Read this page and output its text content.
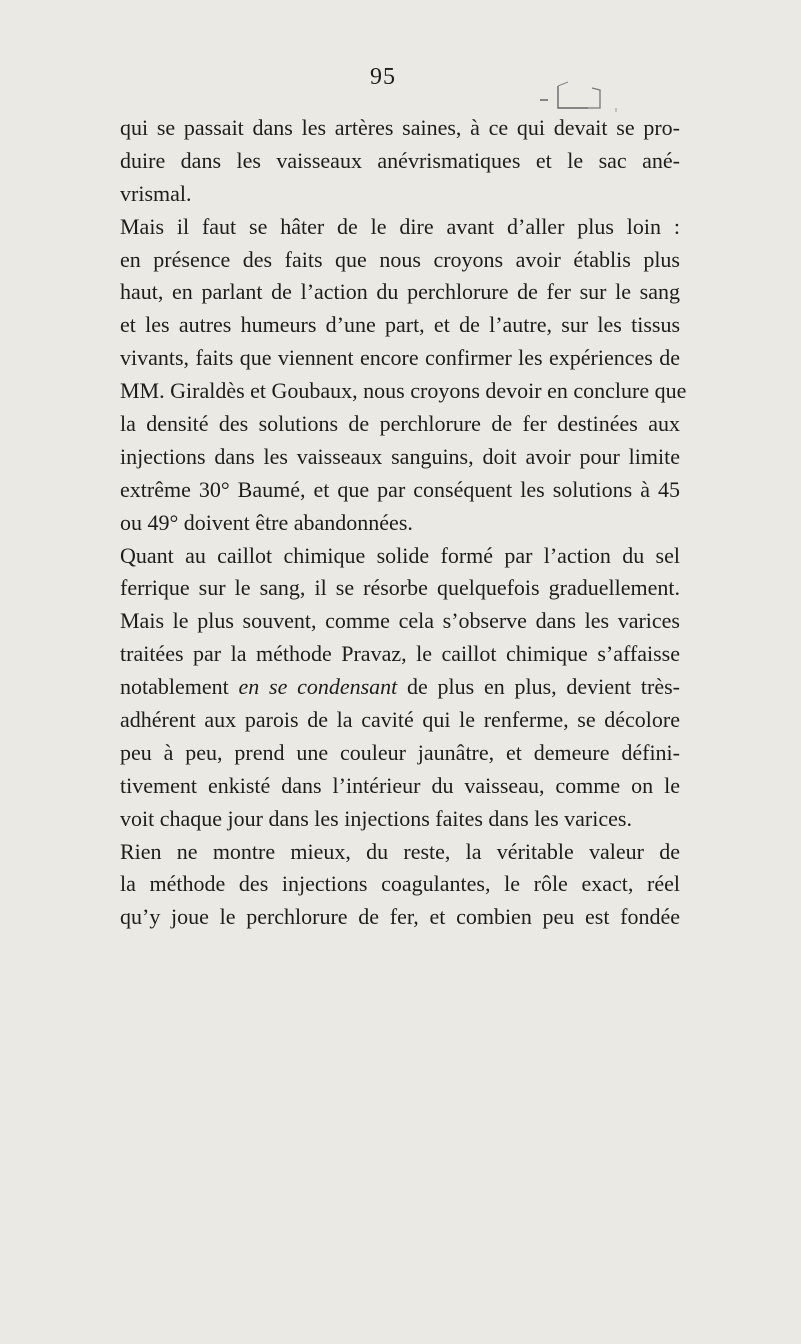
95
qui se passait dans les artères saines, à ce qui devait se pro-
duire dans les vaisseaux anévrismatiques et le sac ané-
vrismal.
Mais il faut se hâter de le dire avant d’aller plus loin :
en présence des faits que nous croyons avoir établis plus
haut, en parlant de l’action du perchlorure de fer sur le sang
et les autres humeurs d’une part, et de l’autre, sur les tissus
vivants, faits que viennent encore confirmer les expériences de
MM. Giraldès et Goubaux, nous croyons devoir en conclure que
la densité des solutions de perchlorure de fer destinées aux
injections dans les vaisseaux sanguins, doit avoir pour limite
extrême 30° Baumé, et que par conséquent les solutions à 45
ou 49° doivent être abandonnées.
Quant au caillot chimique solide formé par l’action du sel
ferrique sur le sang, il se résorbe quelquefois graduellement.
Mais le plus souvent, comme cela s’observe dans les varices
traitées par la méthode Pravaz, le caillot chimique s’affaisse
notablement en se condensant de plus en plus, devient très-
adhérent aux parois de la cavité qui le renferme, se décolore
peu à peu, prend une couleur jaunâtre, et demeure défini-
tivement enkisté dans l’intérieur du vaisseau, comme on le
voit chaque jour dans les injections faites dans les varices.
Rien ne montre mieux, du reste, la véritable valeur de
la méthode des injections coagulantes, le rôle exact, réel
qu’y joue le perchlorure de fer, et combien peu est fondée
